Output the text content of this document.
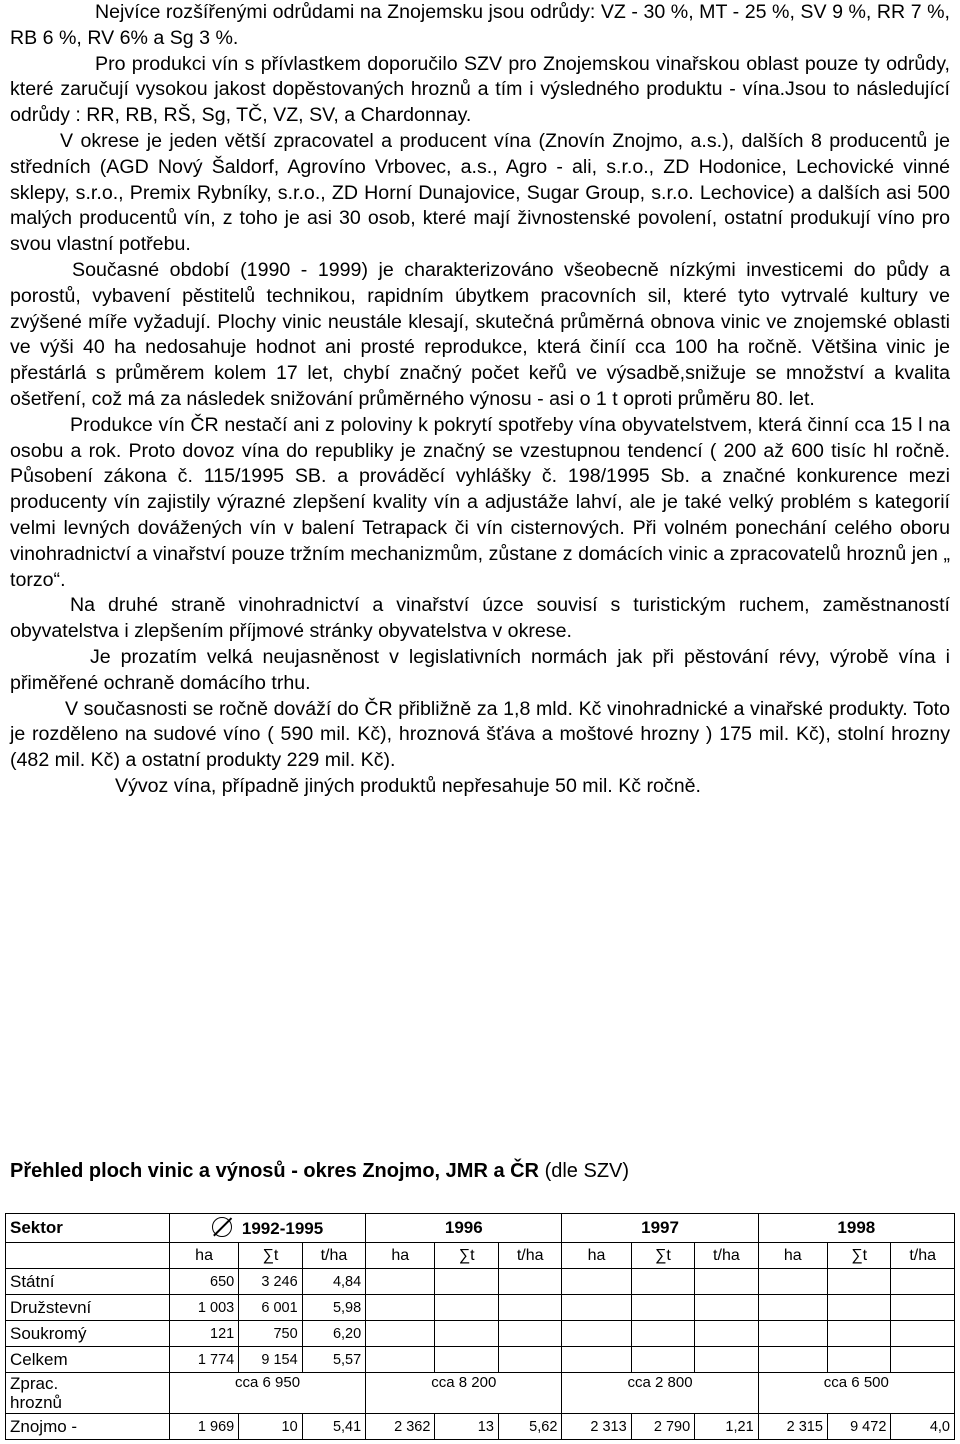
Nejvíce rozšířenými odrůdami na Znojemsku jsou odrůdy: VZ - 30 %, MT - 25 %, SV 9 %, RR 7 %, RB 6 %, RV 6% a Sg 3 %.

Pro produkci vín s přívlastkem doporučilo SZV pro Znojemskou vinařskou oblast pouze ty odrůdy, které zaručují vysokou jakost dopěstovaných hroznů a tím i výsledného produktu - vína.Jsou to následující odrůdy : RR, RB, RŠ, Sg, TČ, VZ, SV, a Chardonnay.

V okrese je jeden větší zpracovatel a producent vína (Znovín Znojmo, a.s.), dalších 8 producentů je středních (AGD Nový Šaldorf, Agrovíno Vrbovec, a.s., Agro - ali, s.r.o., ZD Hodonice, Lechovické vinné sklepy, s.r.o., Premix Rybníky, s.r.o., ZD Horní Dunajovice, Sugar Group, s.r.o. Lechovice) a dalších asi 500 malých producentů vín, z toho je asi 30 osob, které mají živnostenské povolení, ostatní produkují víno pro svou vlastní potřebu.

Současné období (1990 - 1999) je charakterizováno všeobecně nízkými investicemi do půdy a porostů, vybavení pěstitelů technikou, rapidním úbytkem pracovních sil, které tyto vytrvalé kultury ve zvýšené míře vyžadují. Plochy vinic neustále klesají, skutečná průměrná obnova vinic ve znojemské oblasti ve výši 40 ha nedosahuje hodnot ani prosté reprodukce, která činíí cca 100 ha ročně. Většina vinic je přestárlá s průměrem kolem 17 let, chybí značný počet keřů ve výsadbě,snižuje se množství a kvalita ošetření, což má za následek snižování průměrného výnosu - asi o 1 t oproti průměru 80. let.

Produkce vín ČR nestačí ani z poloviny k pokrytí spotřeby vína obyvatelstvem, která činní cca 15 l na osobu a rok. Proto dovoz vína do republiky je značný se vzestupnou tendencí ( 200 až 600 tisíc hl ročně. Působení zákona č. 115/1995 SB. a prováděcí vyhlášky č. 198/1995 Sb. a značné konkurence mezi producenty vín zajistily výrazné zlepšení kvality vín a adjustáže lahví, ale je také velký problém s kategorií velmi levných dovážených vín v balení Tetrapack či vín cisternových. Při volném ponechání celého oboru vinohradnictví a vinařství pouze tržním mechanizmům, zůstane z domácích vinic a zpracovatelů hroznů jen „ torzo“.

Na druhé straně vinohradnictví a vinařství úzce souvisí s turistickým ruchem, zaměstnaností obyvatelstva i zlepšením příjmové stránky obyvatelstva v okrese.

Je prozatím velká neujasněnost v legislativních normách jak při pěstování révy, výrobě vína i přiměřené ochraně domácího trhu.

V současnosti se ročně dováží do ČR přibližně za 1,8 mld. Kč vinohradnické a vinařské produkty. Toto je rozděleno na sudové víno ( 590 mil. Kč), hroznová šťáva a moštové hrozny ) 175 mil. Kč), stolní hrozny (482 mil. Kč) a ostatní produkty 229 mil. Kč).

Vývoz vína, případně jiných produktů nepřesahuje 50 mil. Kč ročně.

Přehled ploch vinic a výnosů - okres Znojmo, JMR a ČR (dle SZV)
Sektor	1992-1995			1996			1997			1998		
	ha	∑t	t/ha	ha	∑t	t/ha	ha	∑t	t/ha	ha	∑t	t/ha
Státní	650	3 246	4,84									
Družstevní	1 003	6 001	5,98									
Soukromý	121	750	6,20									
Celkem	1 774	9 154	5,57									
Zprac.
hroznů	cca 6 950			cca 8 200			cca 2 800			cca 6 500		
Znojmo -	1 969	10	5,41	2 362	13	5,62	2 313	2 790	1,21	2 315	9 472	4,0
